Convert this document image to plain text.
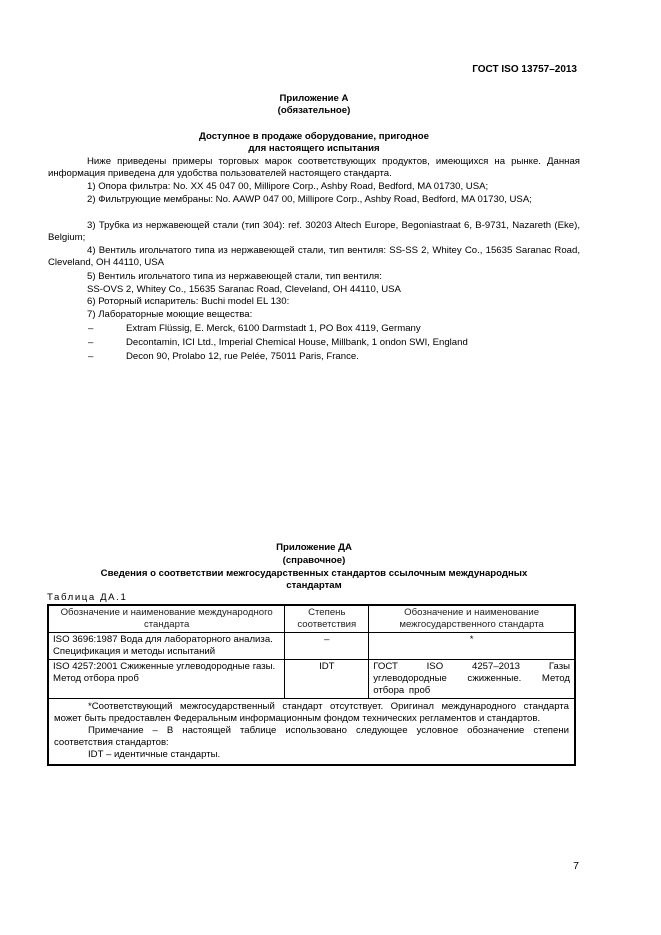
ГОСТ ISO 13757–2013
Приложение А
(обязательное)
Доступное в продаже оборудование, пригодное
для настоящего испытания
Ниже приведены примеры торговых марок соответствующих продуктов, имеющихся на рынке. Данная информация приведена для удобства пользователей настоящего стандарта.
1) Опора фильтра: No. XX 45 047 00, Millipore Corp., Ashby Road, Bedford, MA 01730, USA;
2) Фильтрующие мембраны: No. AAWP 047 00, Millipore Corp., Ashby Road, Bedford, MA 01730, USA;
3) Трубка из нержавеющей стали (тип 304): ref. 30203 Altech Europe, Begoniastraat 6, B-9731, Nazareth (Eke), Belgium;
4) Вентиль игольчатого типа из нержавеющей стали, тип вентиля: SS-SS 2, Whitey Co., 15635 Saranac Road, Cleveland, OH 44110, USA
5) Вентиль игольчатого типа из нержавеющей стали, тип вентиля:
SS-OVS 2, Whitey Co., 15635 Saranac Road, Cleveland, OH 44110, USA
6) Роторный испаритель: Buchi model EL 130:
7) Лабораторные моющие вещества:
–	Extram Flüssig, E. Merck, 6100 Darmstadt 1, PO Box 4119, Germany
–	Decontamin, ICI Ltd., Imperial Chemical House, Millbank, 1 ondon SWI, England
–	Decon 90, Prolabo 12, rue Pelée, 75011 Paris, France.
Приложение ДА
(справочное)
Сведения о соответствии межгосударственных стандартов ссылочным международных
стандартам
Таблица ДА.1
Обозначение и наименование международного стандарта	Степень соответствия	Обозначение и наименование межгосударственного стандарта
ISO 3696:1987 Вода для лабораторного анализа. Спецификация и методы испытаний	–	*
ISO 4257:2001 Сжиженные углеводородные газы. Метод отбора проб	IDT	ГОСТ ISO 4257–2013 Газы углеводородные сжиженные. Метод отбора проб

*Соответствующий межгосударственный стандарт отсутствует. Оригинал международного стандарта может быть предоставлен Федеральным информационным фондом технических регламентов и стандартов.
Примечание – В настоящей таблице использовано следующее условное обозначение степени соответствия стандартов:
IDT – идентичные стандарты.		
7
